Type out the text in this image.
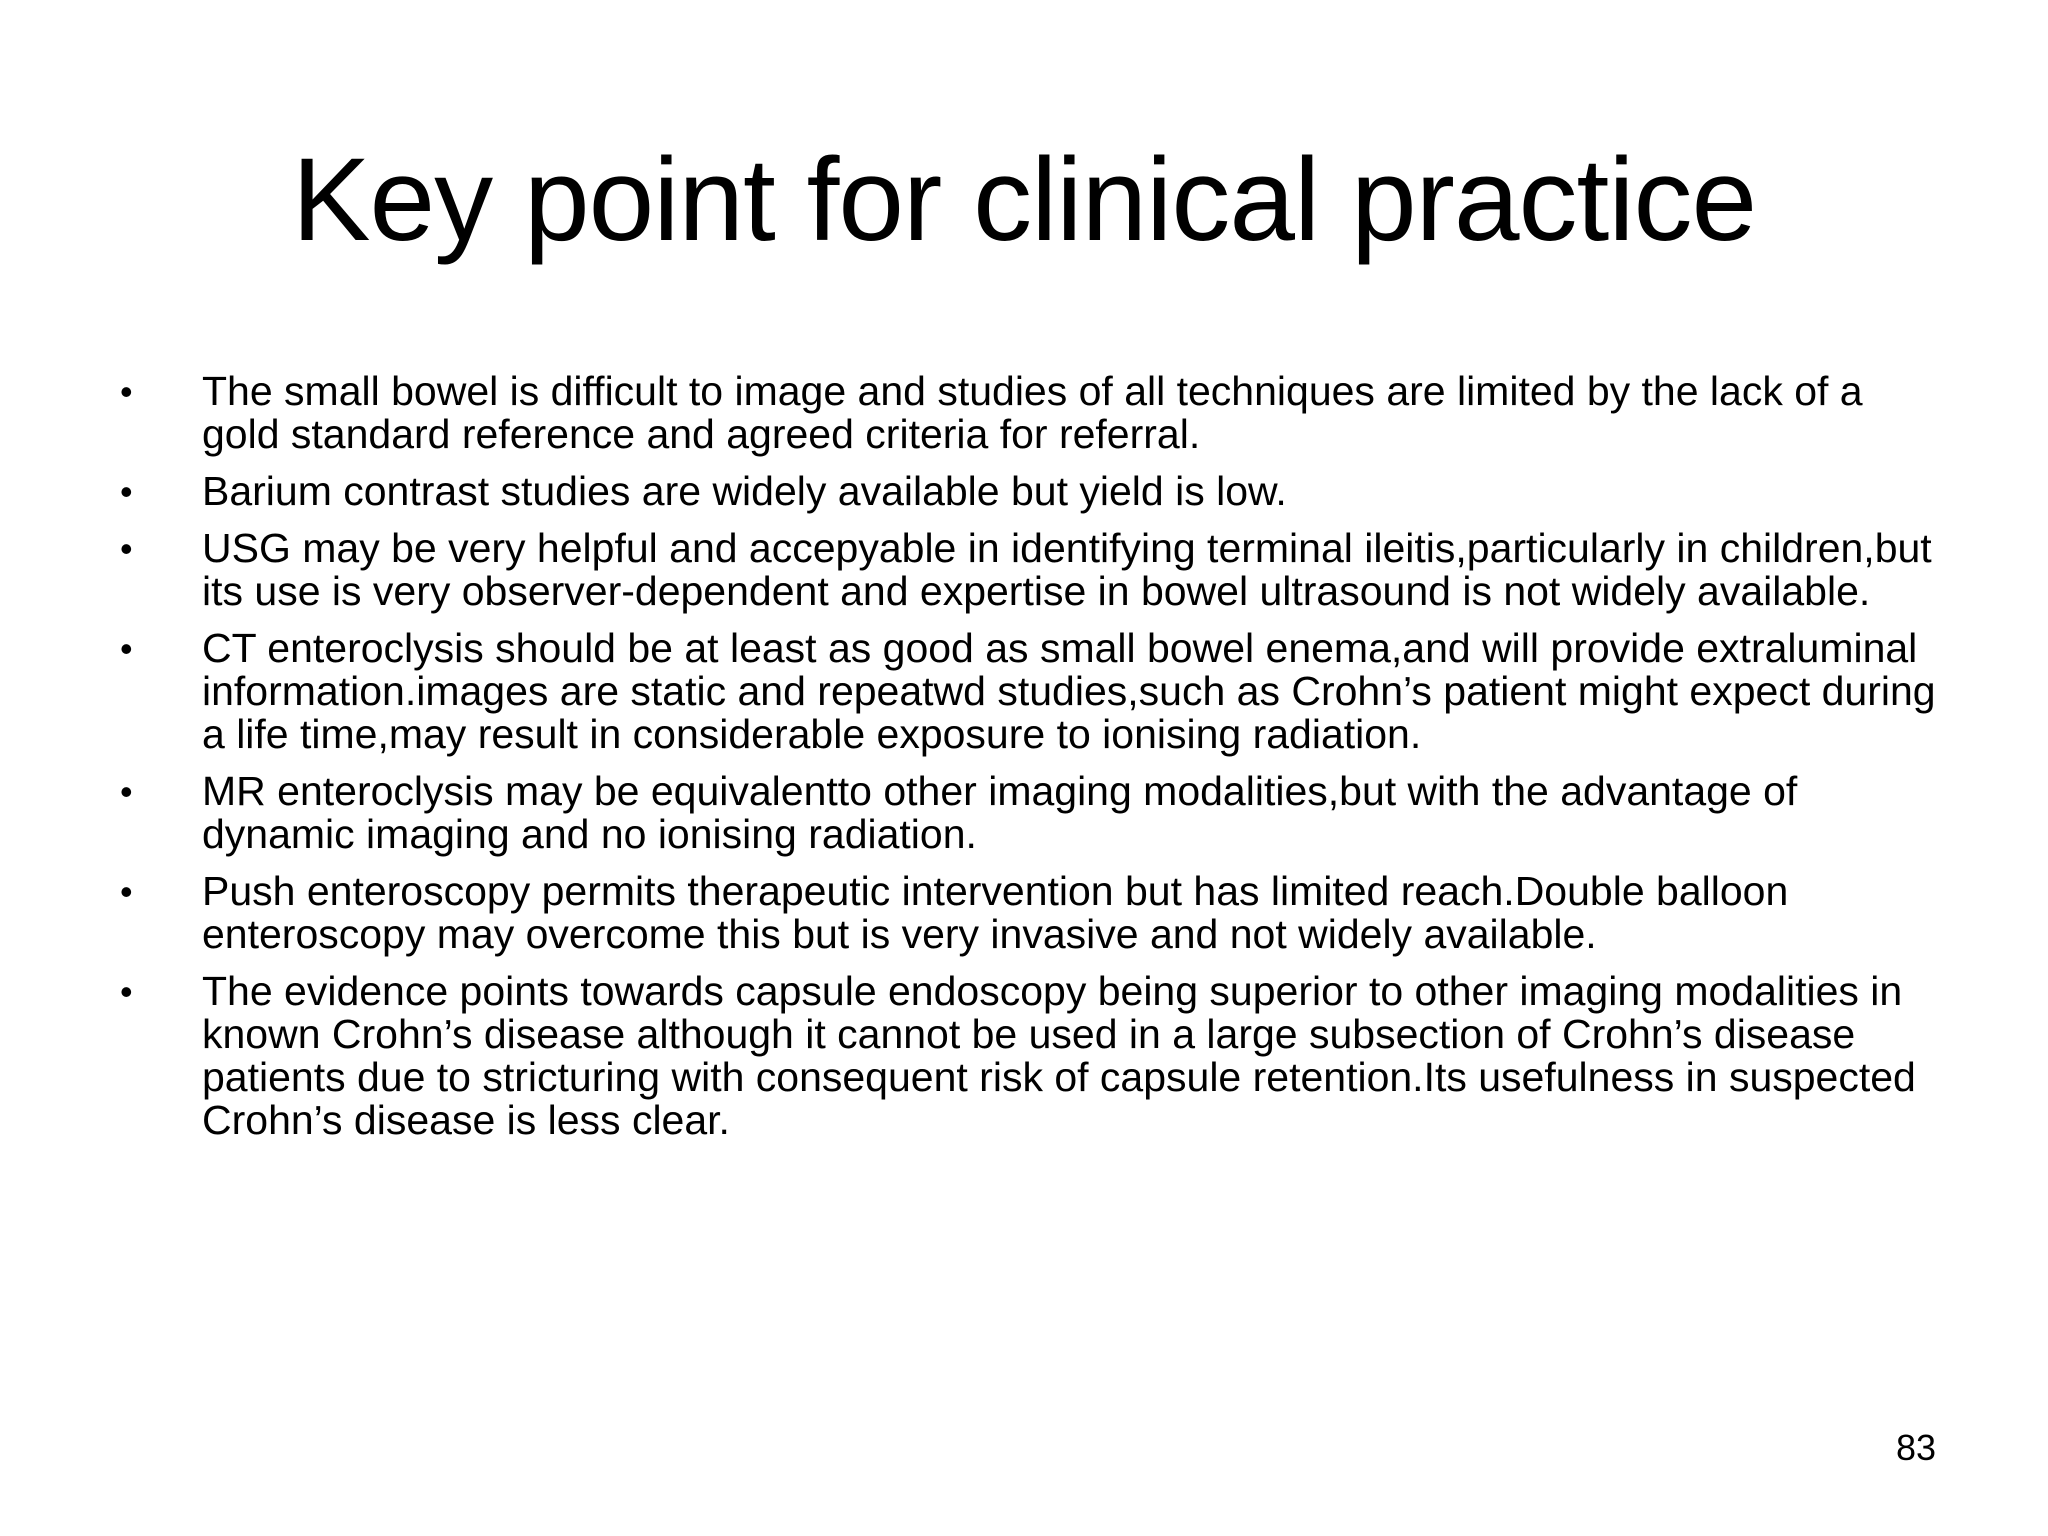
Key point for clinical practice
•	The small bowel is difficult to image and studies of all techniques are limited by the lack of a gold standard reference and agreed criteria for referral.
•	Barium contrast studies are widely available but yield is low.
•	USG may be very helpful and accepyable in identifying terminal ileitis,particularly in children,but its use is very observer-dependent and expertise in bowel ultrasound is not widely available.
•	CT enteroclysis should be at least as good as small bowel enema,and will provide extraluminal information.images are static and repeatwd studies,such as Crohn’s patient might expect during a life time,may result in considerable exposure to ionising radiation.
•	MR enteroclysis may be equivalentto other imaging modalities,but with the advantage of dynamic imaging and no ionising radiation.
•	Push enteroscopy permits therapeutic intervention but has limited reach.Double balloon enteroscopy may overcome this but is very invasive and not widely available.
•	The evidence points towards capsule endoscopy being superior to other imaging modalities in known Crohn’s disease although it cannot be used in a large subsection of Crohn’s disease patients due to stricturing with consequent risk of capsule retention.Its usefulness in suspected Crohn’s disease is less clear.
83
